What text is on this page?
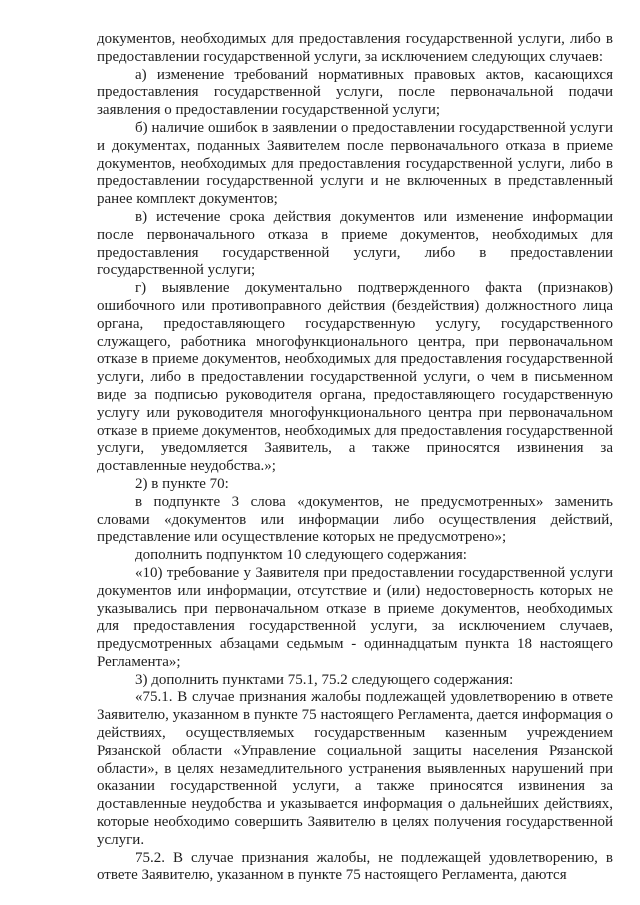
документов, необходимых для предоставления государственной услуги, либо в предоставлении государственной услуги, за исключением следующих случаев:

а) изменение требований нормативных правовых актов, касающихся предоставления государственной услуги, после первоначальной подачи заявления о предоставлении государственной услуги;

б) наличие ошибок в заявлении о предоставлении государственной услуги и документах, поданных Заявителем после первоначального отказа в приеме документов, необходимых для предоставления государственной услуги, либо в предоставлении государственной услуги и не включенных в представленный ранее комплект документов;

в) истечение срока действия документов или изменение информации после первоначального отказа в приеме документов, необходимых для предоставления государственной услуги, либо в предоставлении государственной услуги;

г) выявление документально подтвержденного факта (признаков) ошибочного или противоправного действия (бездействия) должностного лица органа, предоставляющего государственную услугу, государственного служащего, работника многофункционального центра, при первоначальном отказе в приеме документов, необходимых для предоставления государственной услуги, либо в предоставлении государственной услуги, о чем в письменном виде за подписью руководителя органа, предоставляющего государственную услугу или руководителя многофункционального центра при первоначальном отказе в приеме документов, необходимых для предоставления государственной услуги, уведомляется Заявитель, а также приносятся извинения за доставленные неудобства.»;

2) в пункте 70:

в подпункте 3 слова «документов, не предусмотренных» заменить словами «документов или информации либо осуществления действий, представление или осуществление которых не предусмотрено»;

дополнить подпунктом 10 следующего содержания:

«10) требование у Заявителя при предоставлении государственной услуги документов или информации, отсутствие и (или) недостоверность которых не указывались при первоначальном отказе в приеме документов, необходимых для предоставления государственной услуги, за исключением случаев, предусмотренных абзацами седьмым - одиннадцатым пункта 18 настоящего Регламента»;

3) дополнить пунктами 75.1, 75.2 следующего содержания:

«75.1. В случае признания жалобы подлежащей удовлетворению в ответе Заявителю, указанном в пункте 75 настоящего Регламента, дается информация о действиях, осуществляемых государственным казенным учреждением Рязанской области «Управление социальной защиты населения Рязанской области», в целях незамедлительного устранения выявленных нарушений при оказании государственной услуги, а также приносятся извинения за доставленные неудобства и указывается информация о дальнейших действиях, которые необходимо совершить Заявителю в целях получения государственной услуги.

75.2. В случае признания жалобы, не подлежащей удовлетворению, в ответе Заявителю, указанном в пункте 75 настоящего Регламента, даются
